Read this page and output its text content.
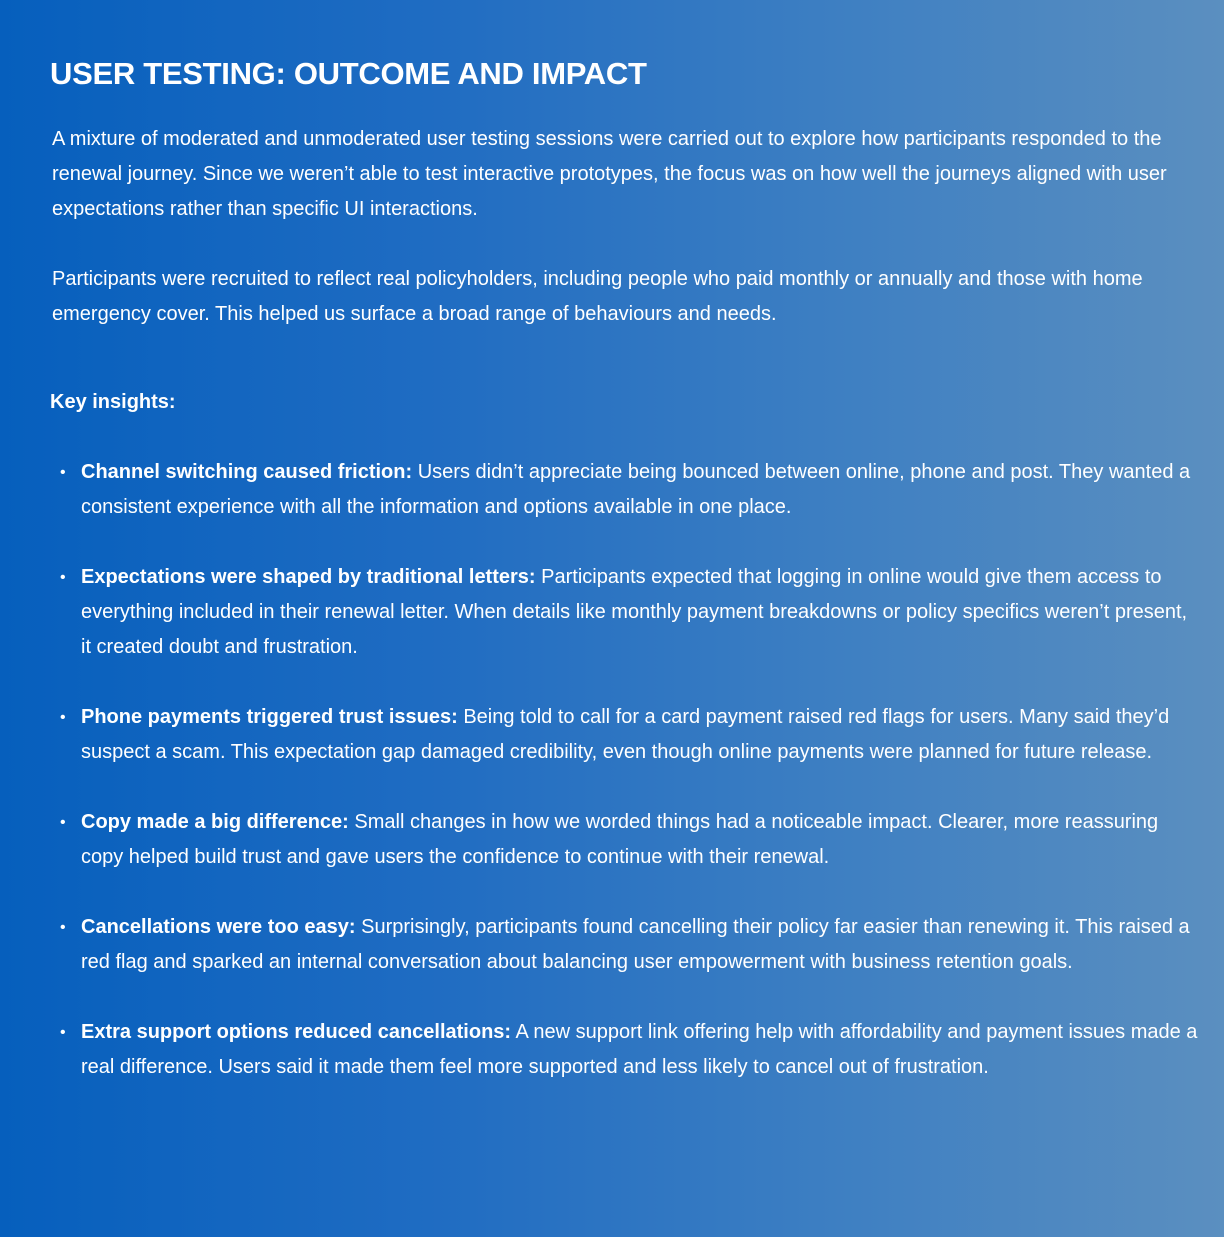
USER TESTING: OUTCOME AND IMPACT

A mixture of moderated and unmoderated user testing sessions were carried out to explore how participants responded to the renewal journey. Since we weren’t able to test interactive prototypes, the focus was on how well the journeys aligned with user expectations rather than specific UI interactions.

Participants were recruited to reflect real policyholders, including people who paid monthly or annually and those with home emergency cover. This helped us surface a broad range of behaviours and needs.

Key insights:
• Channel switching caused friction: Users didn’t appreciate being bounced between online, phone and post. They wanted a consistent experience with all the information and options available in one place.
• Expectations were shaped by traditional letters: Participants expected that logging in online would give them access to everything included in their renewal letter. When details like monthly payment breakdowns or policy specifics weren’t present, it created doubt and frustration.
• Phone payments triggered trust issues: Being told to call for a card payment raised red flags for users. Many said they’d suspect a scam. This expectation gap damaged credibility, even though online payments were planned for future release.
• Copy made a big difference: Small changes in how we worded things had a noticeable impact. Clearer, more reassuring copy helped build trust and gave users the confidence to continue with their renewal.
• Cancellations were too easy: Surprisingly, participants found cancelling their policy far easier than renewing it. This raised a red flag and sparked an internal conversation about balancing user empowerment with business retention goals.
• Extra support options reduced cancellations: A new support link offering help with affordability and payment issues made a real difference. Users said it made them feel more supported and less likely to cancel out of frustration.
